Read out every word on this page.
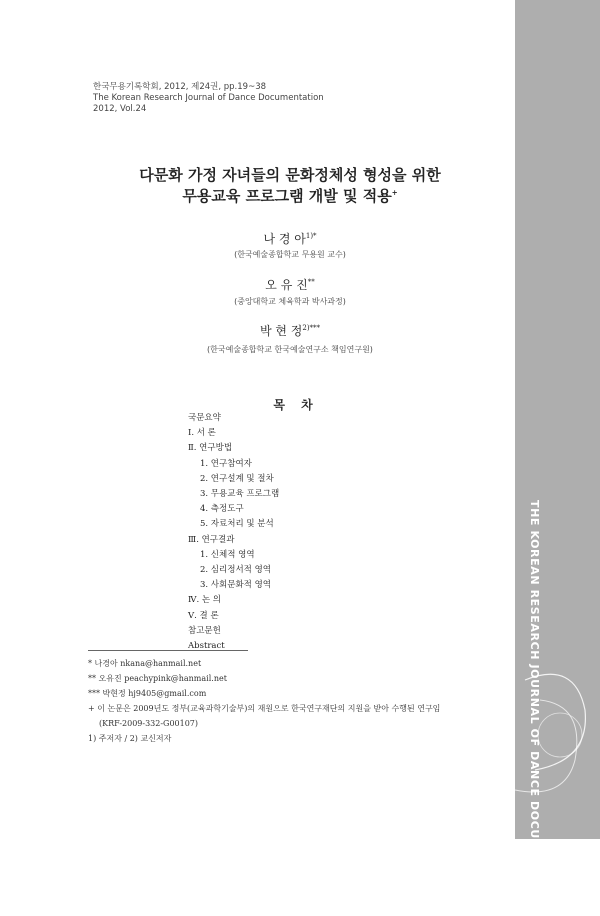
THE KOREAN RESEARCH JOURNAL OF DANCE DOCUMENTATION
한국무용기록학회, 2012, 제24권, pp.19~38
The Korean Research Journal of Dance Documentation
2012, Vol.24
다문화 가정 자녀들의 문화정체성 형성을 위한
무용교육 프로그램 개발 및 적용+
나 경 아$^{1)*}$
(한국예술종합학교 무용원 교수)
오 유 진**
(중앙대학교 체육학과 박사과정)
박 현 정$^{2)***}$
(한국예술종합학교 한국예술연구소 책임연구원)
목 차
국문요약
Ⅰ. 서 론
Ⅱ. 연구방법
1. 연구참여자
2. 연구설계 및 절차
3. 무용교육 프로그램
4. 측정도구
5. 자료처리 및 분석
Ⅲ. 연구결과
1. 신체적 영역
2. 심리정서적 영역
3. 사회문화적 영역
Ⅳ. 논 의
Ⅴ. 결 론
참고문헌
Abstract
* 나경아 nkana@hanmail.net
** 오유진 peachypink@hanmail.net
*** 박현정 hj9405@gmail.com
+ 이 논문은 2009년도 정부(교육과학기술부)의 재원으로 한국연구재단의 지원을 받아 수행된 연구임
(KRF-2009-332-G00107)
1) 주저자 / 2) 교신저자
